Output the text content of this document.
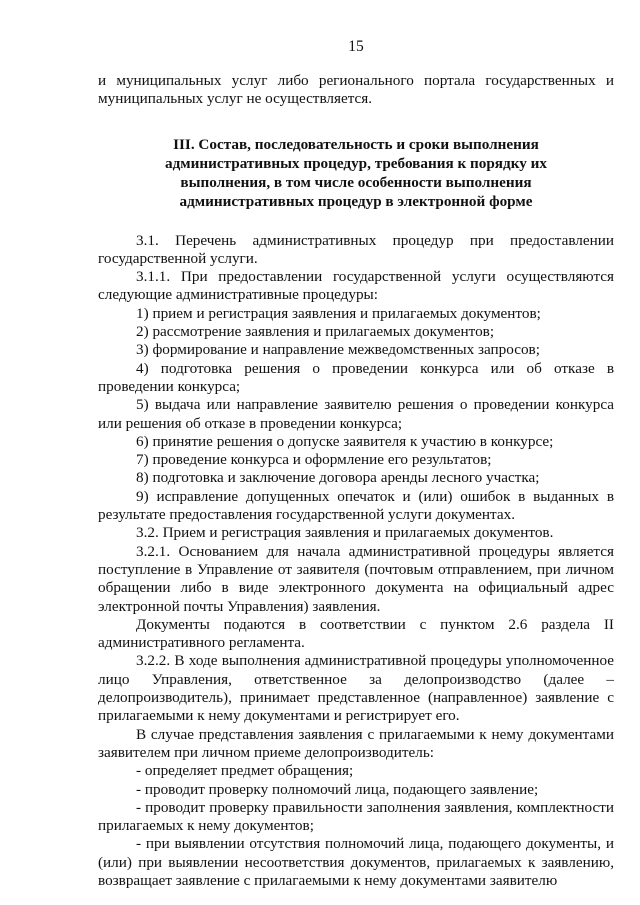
15

и муниципальных услуг либо регионального портала государственных и муниципальных услуг не осуществляется.

III. Состав, последовательность и сроки выполнения административных процедур, требования к порядку их выполнения, в том числе особенности выполнения административных процедур в электронной форме

3.1. Перечень административных процедур при предоставлении государственной услуги.

3.1.1. При предоставлении государственной услуги осуществляются следующие административные процедуры:

1) прием и регистрация заявления и прилагаемых документов;

2) рассмотрение заявления и прилагаемых документов;

3) формирование и направление межведомственных запросов;

4) подготовка решения о проведении конкурса или об отказе в проведении конкурса;

5) выдача или направление заявителю решения о проведении конкурса или решения об отказе в проведении конкурса;

6) принятие решения о допуске заявителя к участию в конкурсе;

7) проведение конкурса и оформление его результатов;

8) подготовка и заключение договора аренды лесного участка;

9) исправление допущенных опечаток и (или) ошибок в выданных в результате предоставления государственной услуги документах.

3.2. Прием и регистрация заявления и прилагаемых документов.

3.2.1. Основанием для начала административной процедуры является поступление в Управление от заявителя (почтовым отправлением, при личном обращении либо в виде электронного документа на официальный адрес электронной почты Управления) заявления.

Документы подаются в соответствии с пунктом 2.6 раздела II административного регламента.

3.2.2. В ходе выполнения административной процедуры уполномоченное лицо Управления, ответственное за делопроизводство (далее – делопроизводитель), принимает представленное (направленное) заявление с прилагаемыми к нему документами и регистрирует его.

В случае представления заявления с прилагаемыми к нему документами заявителем при личном приеме делопроизводитель:

- определяет предмет обращения;

- проводит проверку полномочий лица, подающего заявление;

- проводит проверку правильности заполнения заявления, комплектности прилагаемых к нему документов;

- при выявлении отсутствия полномочий лица, подающего документы, и (или) при выявлении несоответствия документов, прилагаемых к заявлению, возвращает заявление с прилагаемыми к нему документами заявителю
